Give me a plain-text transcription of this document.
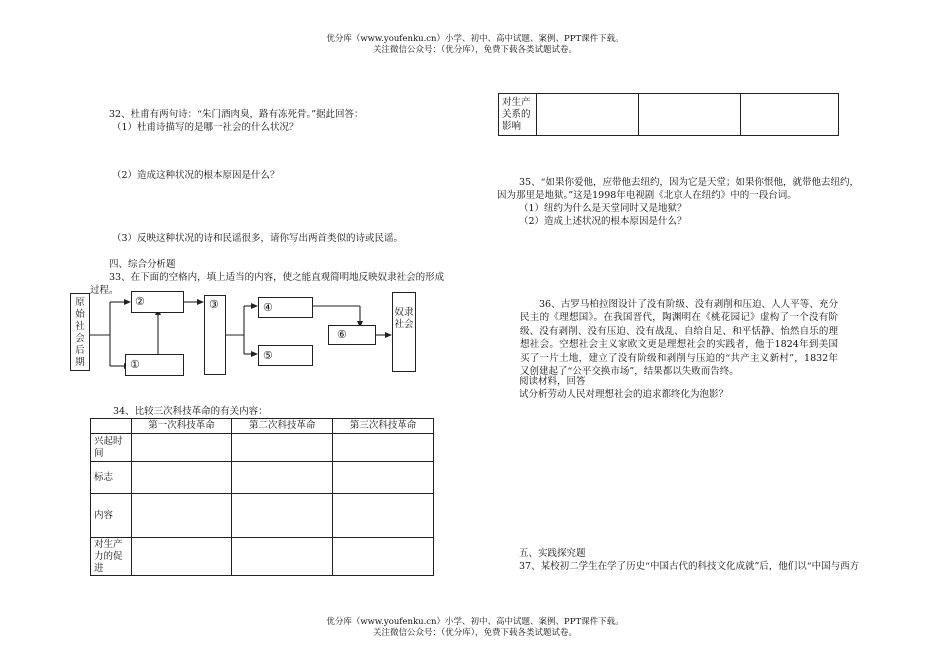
优分库（www.youfenku.cn）小学、初中、高中试题、案例、PPT课件下载。
关注微信公众号：（优分库），免费下载各类试题试卷。
32、杜甫有两句诗：“朱门酒肉臭，路有冻死骨。”据此回答：
（1）杜甫诗描写的是哪一社会的什么状况？
（2）造成这种状况的根本原因是什么？
（3）反映这种状况的诗和民谣很多，请你写出两首类似的诗或民谣。
四、综合分析题
33、在下面的空格内，填上适当的内容，使之能直观简明地反映奴隶社会的形成
过程。
原始社会后期
②
①
③	④
⑤
⑥
奴隶社会
34、比较三次科技革命的有关内容：
	第一次科技革命	第二次科技革命	第三次科技革命
兴起时间			
标志			
内容			
对生产力的促进			
对生产关系的影响			
35、“如果你爱他，应带他去纽约，因为它是天堂；如果你恨他，就带他去纽约，
因为那里是地狱。”这是1998年电视剧《北京人在纽约》中的一段台词。
（1）纽约为什么是天堂同时又是地狱？
（2）造成上述状况的根本原因是什么？
36、古罗马柏拉图设计了没有阶级、没有剥削和压迫、人人平等、充分民主的《理想国》。在我国晋代，陶渊明在《桃花园记》虚构了一个没有阶级、没有剥削、没有压迫、没有战乱、自给自足、和平恬静、怡然自乐的理想社会。空想社会主义家欧文更是理想社会的实践者，他于1824年到美国买了一片土地，建立了没有阶级和剥削与压迫的“共产主义新村”，1832年又创建起了“公平交换市场”，结果都以失败而告终。
阅读材料，回答
试分析劳动人民对理想社会的追求都终化为泡影？
五、实践探究题
37、某校初二学生在学了历史“中国古代的科技文化成就”后，他们以“中国与西方
优分库（www.youfenku.cn）小学、初中、高中试题、案例、PPT课件下载。
关注微信公众号：（优分库），免费下载各类试题试卷。
